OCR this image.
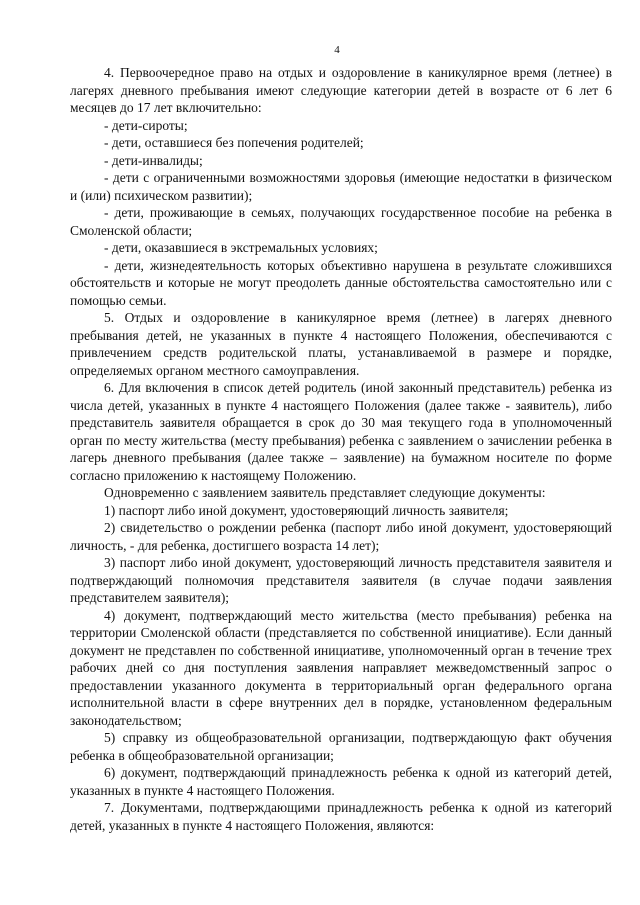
4

4. Первоочередное право на отдых и оздоровление в каникулярное время (летнее) в лагерях дневного пребывания имеют следующие категории детей в возрасте от 6 лет 6 месяцев до 17 лет включительно:

- дети-сироты;

- дети, оставшиеся без попечения родителей;

- дети-инвалиды;

- дети с ограниченными возможностями здоровья (имеющие недостатки в физическом и (или) психическом развитии);

- дети, проживающие в семьях, получающих государственное пособие на ребенка в Смоленской области;

- дети, оказавшиеся в экстремальных условиях;

- дети, жизнедеятельность которых объективно нарушена в результате сложившихся обстоятельств и которые не могут преодолеть данные обстоятельства самостоятельно или с помощью семьи.

5. Отдых и оздоровление в каникулярное время (летнее) в лагерях дневного пребывания детей, не указанных в пункте 4 настоящего Положения, обеспечиваются с привлечением средств родительской платы, устанавливаемой в размере и порядке, определяемых органом местного самоуправления.

6. Для включения в список детей родитель (иной законный представитель) ребенка из числа детей, указанных в пункте 4 настоящего Положения (далее также - заявитель), либо представитель заявителя обращается в срок до 30 мая текущего года в уполномоченный орган по месту жительства (месту пребывания) ребенка с заявлением о зачислении ребенка в лагерь дневного пребывания (далее также – заявление) на бумажном носителе по форме согласно приложению к настоящему Положению.

Одновременно с заявлением заявитель представляет следующие документы:

1) паспорт либо иной документ, удостоверяющий личность заявителя;

2) свидетельство о рождении ребенка (паспорт либо иной документ, удостоверяющий личность, - для ребенка, достигшего возраста 14 лет);

3) паспорт либо иной документ, удостоверяющий личность представителя заявителя и подтверждающий полномочия представителя заявителя (в случае подачи заявления представителем заявителя);

4) документ, подтверждающий место жительства (место пребывания) ребенка на территории Смоленской области (представляется по собственной инициативе). Если данный документ не представлен по собственной инициативе, уполномоченный орган в течение трех рабочих дней со дня поступления заявления направляет межведомственный запрос о предоставлении указанного документа в территориальный орган федерального органа исполнительной власти в сфере внутренних дел в порядке, установленном федеральным законодательством;

5) справку из общеобразовательной организации, подтверждающую факт обучения ребенка в общеобразовательной организации;

6) документ, подтверждающий принадлежность ребенка к одной из категорий детей, указанных в пункте 4 настоящего Положения.

7. Документами, подтверждающими принадлежность ребенка к одной из категорий детей, указанных в пункте 4 настоящего Положения, являются:
